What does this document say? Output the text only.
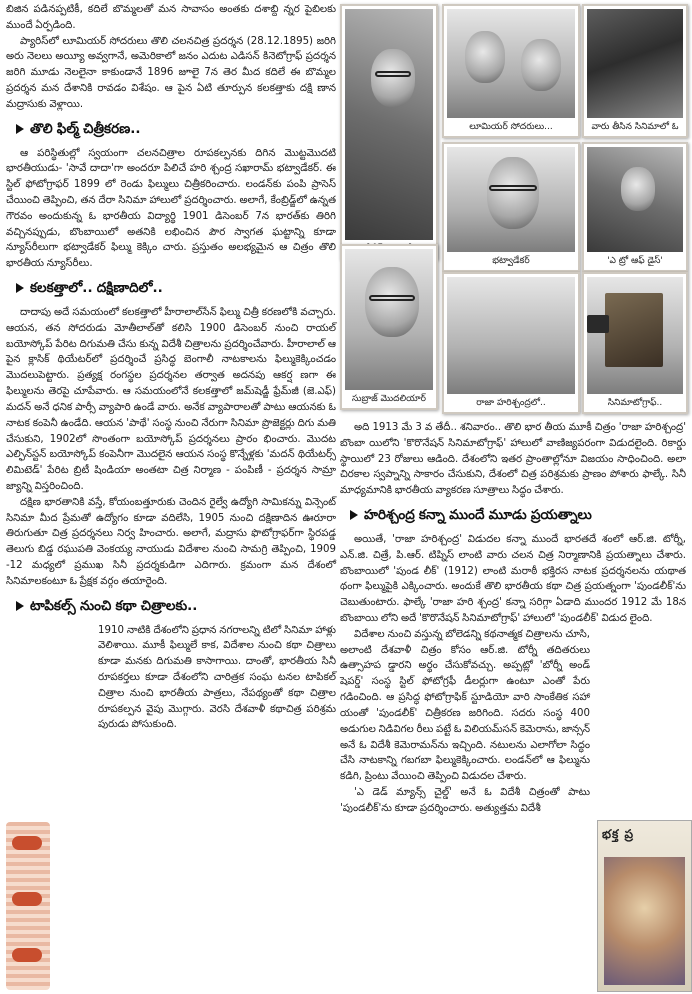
బిజిన పడినప్పటికీ, కదిలే బొమ్మలతో మన సావాసం అంతకు దశాబ్ది న్నర పైబిలకు ముందే ఏర్పడింది.

ప్యారిస్‌లో లూమియర్‌ సోదరులు తొలి చలనచిత్ర ప్రదర్శన (28.12.1895) జరిగి అరు నెలలు అయ్యీ అవ్వగానే, అమెరికాలో జనం ఎదుట ఎడిసన్‌ కినెటోగ్రాఫ్‌ ప్రదర్శన జరిగి మూడు నెలలైనా కాకుండానే 1896 జూలై 7న తెర మీద కదిలే ఈ బొమ్మల ప్రదర్శన మన దేశానికి రావడం విశేషం. ఆ పైన ఏటి తూర్పున కలకత్తాకు దక్షి ణాన మద్రాసుకు వెళ్లాయి.

తొలి ఫిల్మ్‌ చిత్రీకరణ..

ఆ పరిస్థితుల్లో స్వయంగా చలనచిత్రాల రూపకల్పనకు దిగిన మొట్టమొదటి భారతీయుడు- 'సావే దాదా'గా అందరూ పిలిచే హరి శ్చంద్ర సఖారామ్‌ భట్వాడేకర్‌. ఈ స్టిల్‌ ఫోటోగ్రాఫర్‌ 1899 లో రెండు ఫిల్ములు చిత్రీకరించారు. లండన్‌కు పంపి ప్రాసెస్‌ చేయించి తెప్పించి, తన దేరా సినిమా హాలులో ప్రదర్శించారు. అలాగే, కేంబ్రిడ్జ్‌లో ఉన్నత గౌరవం అందుకున్న ఓ భారతీయ విద్యార్థి 1901 డిసెంబర్‌ 7న భారత్‌కు తిరిగి వచ్చినప్పుడు, బొంబాయిలో అతనికి లభించిన పౌర స్వాగత ఘట్టాన్ని కూడా న్యూస్‌రీలుగా భట్వాడేకర్‌ ఫిల్ము కెక్కిం చారు. ప్రస్తుతం అలభ్యమైన ఆ చిత్రం తొలి భారతీయ న్యూస్‌రీలు.

కలకత్తాలో.. దక్షిణాదిలో..

దాదాపు అదే సమయంలో కలకత్తాలో హీరాలాల్‌సేన్‌ ఫిల్ము చిత్రీ కరణలోకి వచ్చారు. ఆయన, తన సోదరుడు మోతీలాల్‌తో కలిసి 1900 డిసెంబర్‌ నుంచి రాయల్‌ బయోస్కోప్‌ పేరిట దిగుమతి చేసు కున్న విదేశీ చిత్రాలను ప్రదర్శించేవారు. హీరాలాల్‌ ఆ పైన క్లాసిక్‌ థియేటర్‌లో ప్రదర్శించే ప్రసిద్ధ బెంగాలీ నాటకాలను ఫిల్ముకెక్కించడం మొదలుపెట్టారు. ప్రత్యక్ష రంగస్థల ప్రదర్శనల తర్వాత అదనపు ఆకర్ష ణగా ఈ ఫిల్ములను తెరపై చూపేవారు. ఆ సమయంలోనే కలకత్తాలో జమ్‌షెడ్జీ ఫ్రేమ్‌జీ (జె.ఎఫ్‌) మదన్‌ అనే ధనిక పార్సీ వ్యాపారి ఉండే వారు. అనేక వ్యాపారాలతో పాటు ఆయనకు ఓ నాటక కంపెనీ ఉండేది. ఆయన 'పాథే' సంస్థ నుంచి నేరుగా సినిమా ప్రొజెక్టర్లు దిగు మతి చేసుకుని, 1902లో సొంతంగా బయోస్కోప్‌ ప్రదర్శనలు ప్రారం భించారు. మొదట ఎల్ఫిన్‌స్టన్‌ బయోస్కోప్‌ కంపెనీగా మొదలైన ఆయన సంస్థ కొన్నేళ్లకు 'మదన్‌ థియేటర్స్‌ లిమిటెడ్‌' పేరిట బ్రిటీ షిండియా అంతటా చిత్ర నిర్మాణ - పంపిణీ - ప్రదర్శన సామ్రా జ్యాన్ని విస్తరించింది.

దక్షిణ భారతానికి వస్తే, కోయంబత్తూరుకు చెందిన రైల్వే ఉద్యోగి సామికన్ను విన్సెంట్‌ సినిమా మీద ప్రేమతో ఉద్యోగం కూడా వదిలేసి, 1905 నుంచి దక్షిణాదిన ఊరూరా తిరుగుతూ చిత్ర ప్రదర్శనలు నిర్వ హించారు. అలాగే, మద్రాసు ఫొటోగ్రాఫర్‌గా స్థిరపడ్డ తెలుగు బిడ్డ రఘుపతి వెంకయ్య నాయుడు విదేశాల నుంచి సామగ్రి తెప్పించి, 1909 -12 మధ్యలో ప్రముఖ సినీ ప్రదర్శకుడిగా ఎదిగారు. క్రమంగా మన దేశంలో సినిమాలకంటూ ఓ ప్రేక్షక వర్గం తయారైంది.

టాపికల్స్‌ నుంచి కథా చిత్రాలకు..

1910 నాటికి దేశంలోని ప్రధాన నగరాలన్ని టిలో సినిమా హాళ్లు వెలిశాయి. మూకీ ఫిల్ములే కాక, విదేశాల నుంచి కథా చిత్రాలు కూడా మనకు దిగుమతి కాసాగాయి. దాంతో, భారతీయ సినీ రూపకర్తలు కూడా దేశంలోని చారిత్రక సంఘ టనల టాపికల్‌ చిత్రాల నుంచి భారతీయ పాత్రలు, నేపథ్యంతో కథా చిత్రాల రూపకల్పన వైపు మొగ్గారు. వెరసి దేశవాళీ కథాచిత్ర పరిశ్రమ పురుడు పోసుకుంది.

లూమియర్‌ సోదరులు...	వారు తీసిన సినిమాలో ఓ
భట్వాడేకర్‌	'ఎ ట్రో ఆఫ్‌ డైస్‌'
సుబ్రాజ్‌ మొదలియార్‌	రాజా హరిశ్చంద్రలో..	సినిమాటోగ్రాఫ్‌..

అది 1913 మే 3 వ తేదీ.. శనివారం.. తొలి భార తీయ మూకీ చిత్రం 'రాజా హరిశ్చంద్ర' బొంబా యిలోని 'కొరొనేషన్‌ సినిమాటోగ్రాఫ్‌' హాలులో వాణిజ్యపరంగా విడుదలైంది. రికార్డు స్థాయిలో 23 రోజులు ఆడింది. దేశంలోని ఇతర ప్రాంతాల్లోనూ విజయం సాధించింది. అలా చిరకాల స్వప్నాన్ని సాకారం చేసుకుని, దేశంలో చిత్ర పరిశ్రమకు ప్రాణం పోశారు ఫాల్కే. సినీ మాధ్యమానికి భారతీయ వ్యాకరణ సూత్రాలు సిద్ధం చేశారు.

హరిశ్చంద్ర కన్నా ముందే మూడు ప్రయత్నాలు

అయితే, 'రాజా హరిశ్చంద్ర' విడుదల కన్నా ముందే భారతదే శంలో ఆర్‌.జి. టోర్నీ, ఎన్‌.జి. చిత్రే, పి.ఆర్‌. టిప్నిస్‌ లాంటి వారు చలన చిత్ర నిర్మాణానికి ప్రయత్నాలు చేశారు. బొంబాయిలో 'పుండ లీక్‌' (1912) లాంటి మరాఠీ భక్తిరస నాటక ప్రదర్శనలను యథాత థంగా ఫిల్ముపైకి ఎక్కించారు. అందుకే తొలి భారతీయ కథా చిత్ర ప్రయత్నంగా 'పుండలీక్‌'ను చెబుతుంటారు. ఫాల్కే 'రాజా హరి శ్చంద్ర' కన్నా సరిగ్గా ఏడాది ముందర 1912 మే 18న బొంబాయి లోని అదే 'కొరొనేషన్‌ సినిమాటోగ్రాఫ్‌' హాలులో 'పుండలీక్‌' విడుద లైంది.

విదేశాల నుంచి వస్తున్న బోలెడన్ని కథనాత్మక చిత్రాలను చూసి, అలాంటి దేశవాళీ చిత్రం కోసం ఆర్‌.జి. టోర్నీ తదితరులు ఉత్సాహప డ్డారని అర్థం చేసుకోవచ్చు. అప్పట్లో 'బోర్నీ అండ్‌ షెపర్డ్‌' సంస్థ స్టిల్‌ ఫోటోగ్రఫీ డీలర్లుగా ఉంటూ ఎంతో పేరు గడించింది. ఆ ప్రసిద్ధ ఫోటోగ్రాఫిక్‌ స్టూడియో వారి సాంకేతిక సహా యంతో 'పుండలీక్‌' చిత్రీకరణ జరిగింది. సదరు సంస్థ 400 అడుగుల నిడివిగల రీలు పట్టే ఓ విలియమ్‌సన్‌ కెమెరాను, జాన్సన్‌ అనే ఓ విదేశీ కెమెరామన్‌ను ఇచ్చింది. నటులను ఎలాగోలా సిద్ధం చేసి నాటకాన్ని గబగబా ఫిల్ముకెక్కించారు. లండన్‌లో ఆ ఫిల్మును కడిగి, ప్రింటు వేయించి తెప్పించి విడుదల చేశారు.

'ఎ డెడ్‌ మ్యాన్స్‌ చైల్డ్‌' అనే ఓ విదేశీ చిత్రంతో పాటు 'పుండలీక్‌'ను కూడా ప్రదర్శించారు. అత్యుత్తమ విదేశీ

భక్త ప్ర
